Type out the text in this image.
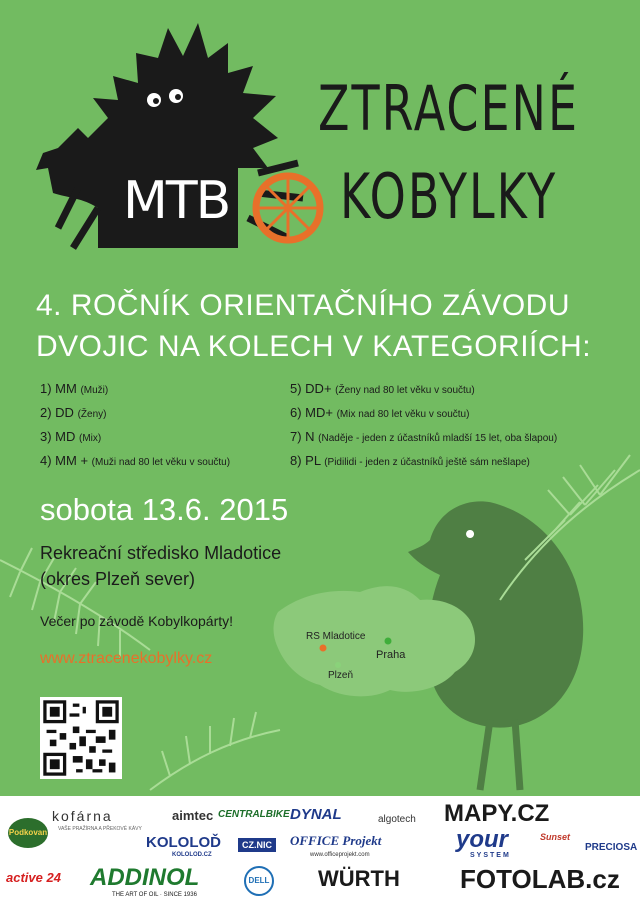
MTB
ZTRACENÉ
KOBYLKY
4. ROČNÍK ORIENTAČNÍHO ZÁVODU
DVOJIC NA KOLECH V KATEGORIÍCH:
1) MM (Muži)
2) DD (Ženy)
3) MD (Mix)
4) MM + (Muži nad 80 let věku v součtu)
5) DD+ (Ženy nad 80 let věku v součtu)
6) MD+ (Mix nad 80 let věku v součtu)
7) N (Naděje - jeden z účastníků mladší 15 let, oba šlapou)
8) PL (Pidilidi - jeden z účastníků ještě sám nešlape)
sobota 13.6. 2015
Rekreační středisko Mladotice
(okres Plzeň sever)
Večer po závodě Kobylkopárty!
www.ztracenekobylky.cz
RS Mladotice
Praha
Plzeň
Podkovan
kofárna
VAŠE PRAŽÍRNA A PŘEKOVÉ KÁVY
aimtec CENTRALBIKE DYNAL	algotech MAPY.CZ
PRECIOSA
KOLOLOĎ
KOLOLOD.CZ
CZ.NIC	OFFICE Projekt
www.officeprojekt.com
your
SYSTEM
Sunset
active 24 ADDINOL
THE ART OF OIL · SINCE 1936
DELL WÜRTH FOTOLAB.cz
